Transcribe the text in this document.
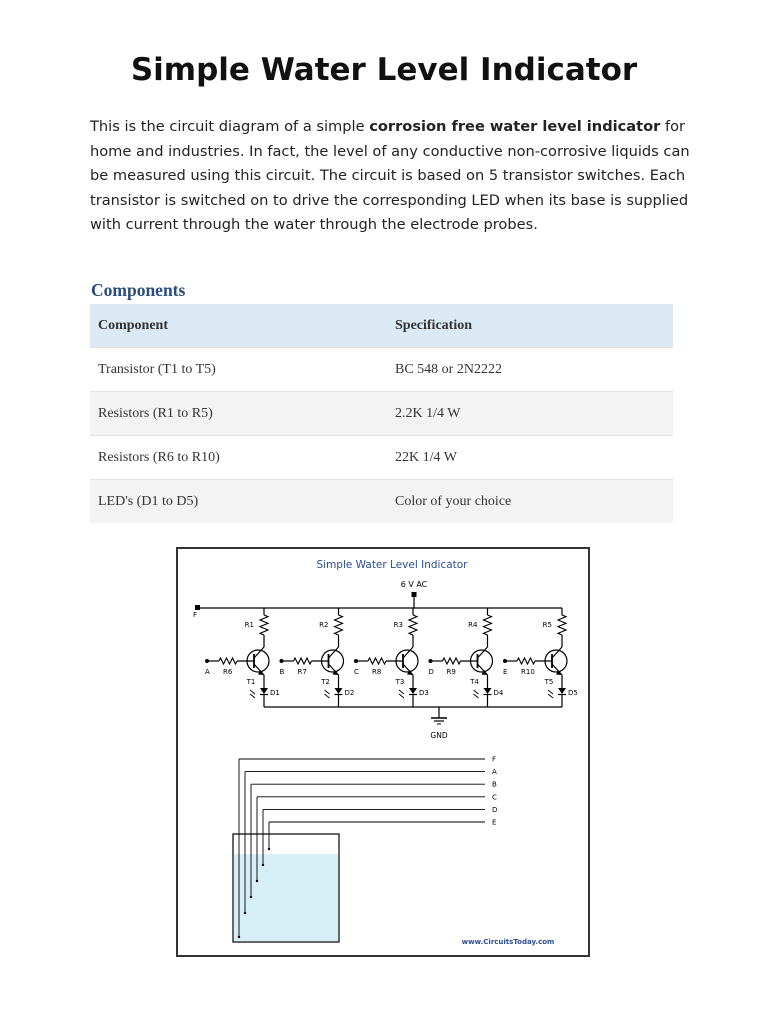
Simple Water Level Indicator

This is the circuit diagram of a simple corrosion free water level indicator for home and industries. In fact, the level of any conductive non-corrosive liquids can be measured using this circuit. The circuit is based on 5 transistor switches. Each transistor is switched on to drive the corresponding LED when its base is supplied with current through the water through the electrode probes.

Components
Component	Specification
Transistor (T1 to T5)	BC 548 or 2N2222
Resistors (R1 to R5)	2.2K 1/4 W
Resistors (R6 to R10)	22K 1/4 W
LED's (D1 to D5)	Color of your choice
Simple Water Level Indicator
6 V AC
F
GND
www.CircuitsToday.com
R1
T1
A R6
D1
R2
T2
B R7
D2
R3
T3
C R8
D3
R4
T4
D R9
D4
R5
T5
E R10
D5
F
A
B
C
D
E
